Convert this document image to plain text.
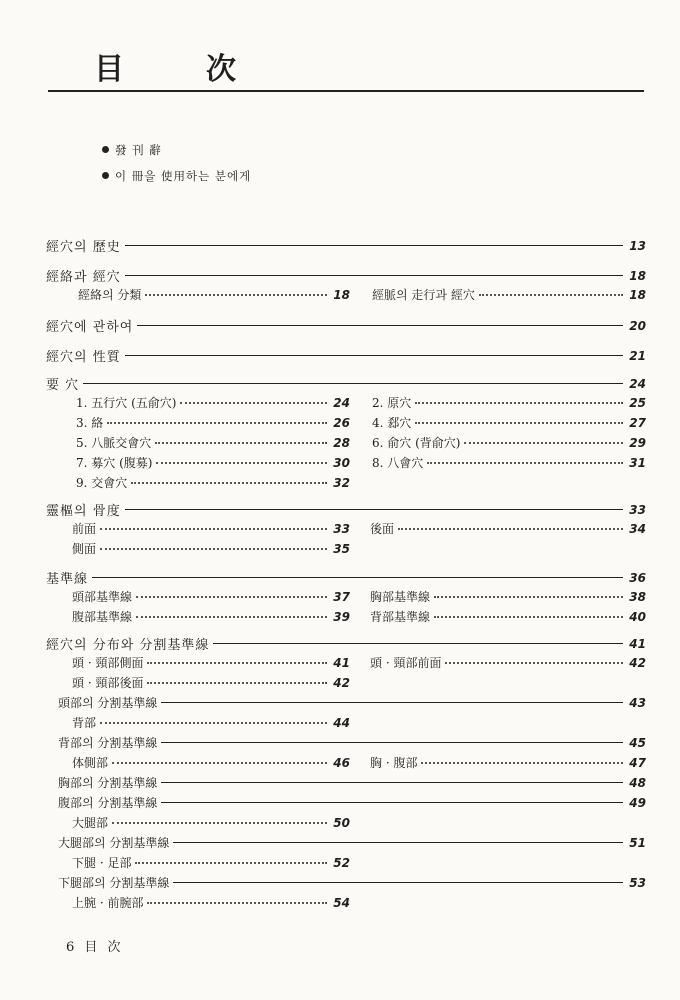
目　次
發 刊 辭
이 冊을 使用하는 분에게
經穴의 歷史	13
經絡과 經穴	18
經絡의 分類	18 經脈의 走行과 經穴	18
經穴에 관하여	20
經穴의 性質	21
要 穴	24
1. 五行穴 (五俞穴)	24 2. 原穴	25
3. 絡	26 4. 郄穴	27
5. 八脈交會穴	28 6. 俞穴 (背俞穴)	29
7. 募穴 (腹募)	30 8. 八會穴	31
9. 交會穴	32
靈樞의 骨度	33
前面	33 後面	34
側面	35
基準線	36
頭部基準線	37 胸部基準線	38
腹部基準線	39 背部基準線	40
經穴의 分布와 分割基準線	41
頭 · 頸部側面	41 頭 · 頸部前面	42
頭 · 頸部後面	42
頭部의 分割基準線	43
背部	44
背部의 分割基準線	45
体側部	46 胸 · 腹部	47
胸部의 分割基準線	48
腹部의 分割基準線	49
大腿部	50
大腿部의 分割基準線	51
下腿 · 足部	52
下腿部의 分割基準線	53
上腕 · 前腕部	54
6 目 次
